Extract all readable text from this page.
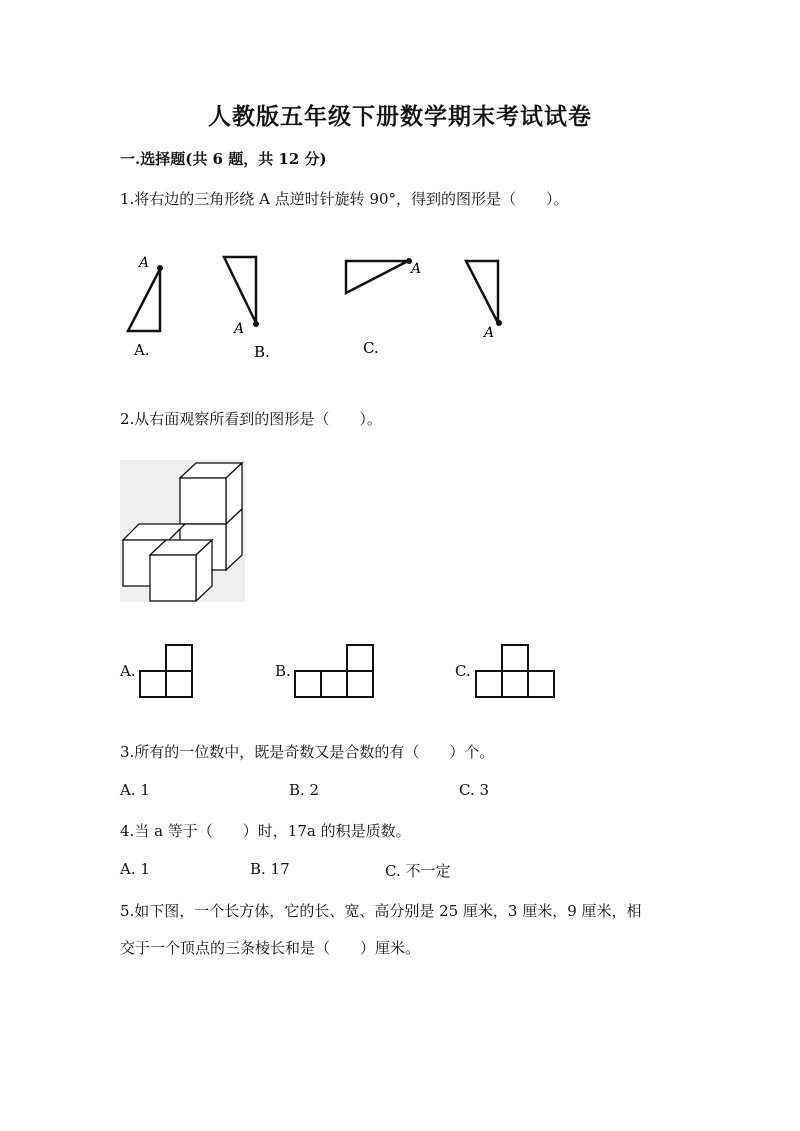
人教版五年级下册数学期末考试试卷
一.选择题(共 6 题，共 12 分)
1.将右边的三角形绕 A 点逆时针旋转 90°，得到的图形是（　　）。
A
A.
A
B.
A
C.
A
2.从右面观察所看到的图形是（　　）。
A.	B.	C.
3.所有的一位数中，既是奇数又是合数的有（　　）个。
A. 1	B. 2	C. 3
4.当 a 等于（　　）时，17a 的积是质数。
A. 1	B. 17	C. 不一定
5.如下图，一个长方体，它的长、宽、高分别是 25 厘米，3 厘米，9 厘米，相
交于一个顶点的三条棱长和是（　　）厘米。
